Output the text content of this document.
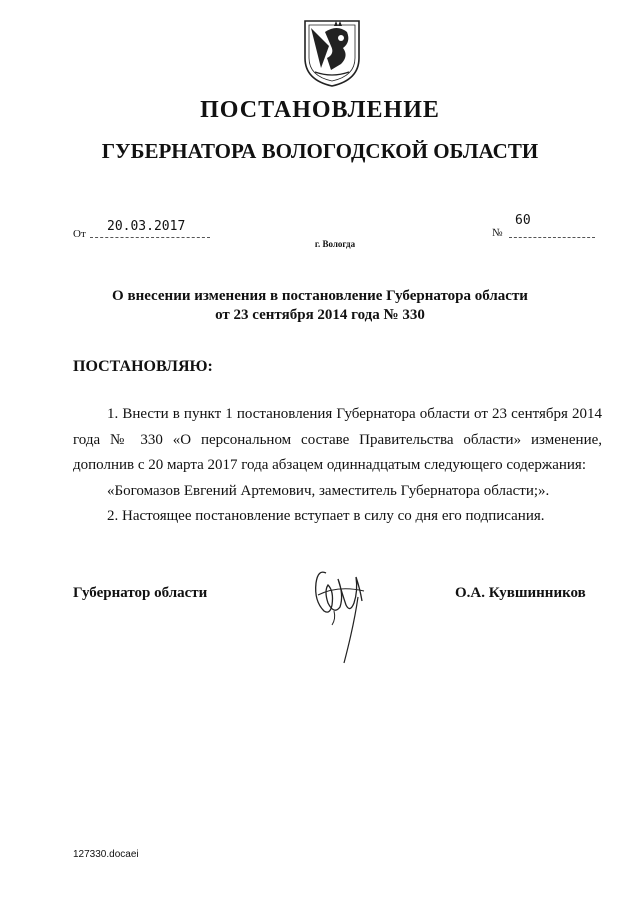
ПОСТАНОВЛЕНИЕ
ГУБЕРНАТОРА ВОЛОГОДСКОЙ ОБЛАСТИ
От 20.03.2017	№
60
г. Вологда
О внесении изменения в постановление Губернатора области
от 23 сентября 2014 года № 330
ПОСТАНОВЛЯЮ:

1. Внести в пункт 1 постановления Губернатора области от 23 сентября 2014 года № 330 «О персональном составе Правительства области» изменение, дополнив с 20 марта 2017 года абзацем одиннадцатым следующего содержания:

«Богомазов Евгений Артемович, заместитель Губернатора области;».

2. Настоящее постановление вступает в силу со дня его подписания.

Губернатор области	О.А. Кувшинников
127330.docaei
